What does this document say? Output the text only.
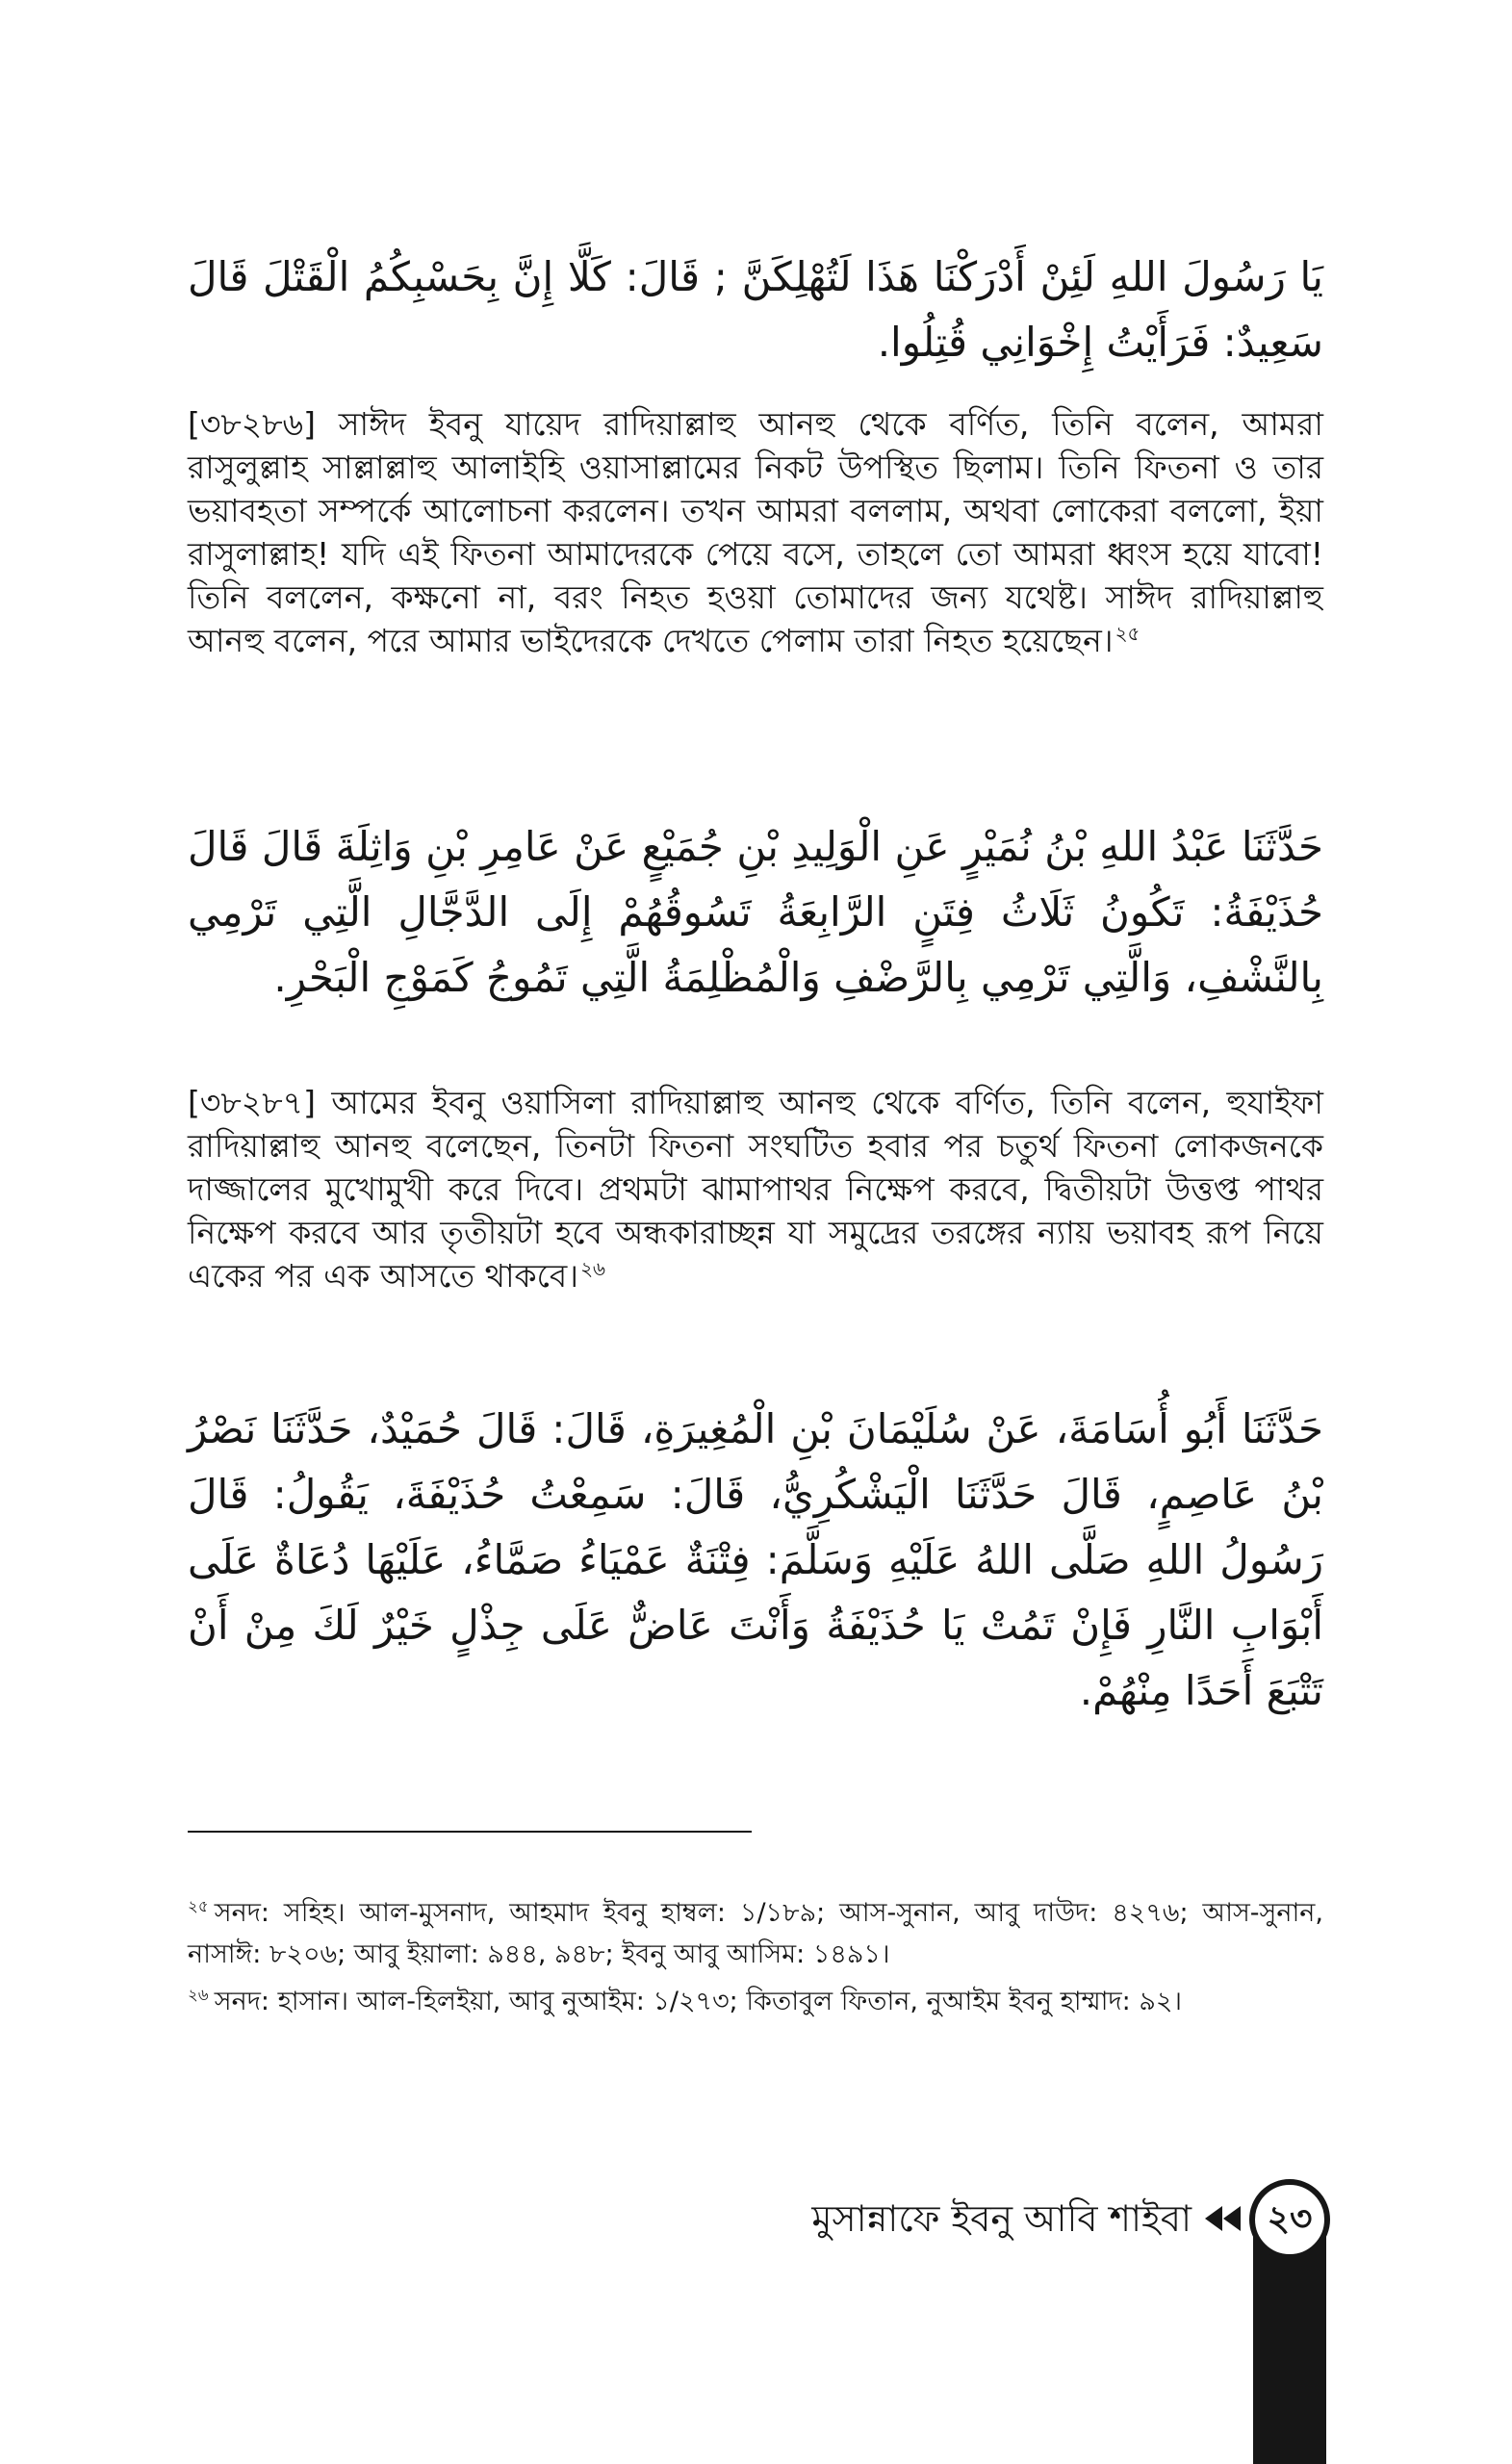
يَا رَسُولَ اللهِ لَئِنْ أَدْرَكْنَا هَذَا لَتُهْلِكَنَّ ; قَالَ: كَلَّا إِنَّ بِحَسْبِكُمُ الْقَتْلَ قَالَ سَعِيدٌ: فَرَأَيْتُ إِخْوَانِي قُتِلُوا.

[৩৮২৮৬] সাঈদ ইবনু যায়েদ রাদিয়াল্লাহু আনহু থেকে বর্ণিত, তিনি বলেন, আমরা রাসুলুল্লাহ সাল্লাল্লাহু আলাইহি ওয়াসাল্লামের নিকট উপস্থিত ছিলাম। তিনি ফিতনা ও তার ভয়াবহতা সম্পর্কে আলোচনা করলেন। তখন আমরা বললাম, অথবা লোকেরা বললো, ইয়া রাসুলাল্লাহ! যদি এই ফিতনা আমাদেরকে পেয়ে বসে, তাহলে তো আমরা ধ্বংস হয়ে যাবো! তিনি বললেন, কক্ষনো না, বরং নিহত হওয়া তোমাদের জন্য যথেষ্ট। সাঈদ রাদিয়াল্লাহু আনহু বলেন, পরে আমার ভাইদেরকে দেখতে পেলাম তারা নিহত হয়েছেন। $^{২৫}$

حَدَّثَنَا عَبْدُ اللهِ بْنُ نُمَيْرٍ عَنِ الْوَلِيدِ بْنِ جُمَيْعٍ عَنْ عَامِرِ بْنِ وَاثِلَةَ قَالَ قَالَ حُذَيْفَةُ: تَكُونُ ثَلَاثُ فِتَنٍ الرَّابِعَةُ تَسُوقُهُمْ إِلَى الدَّجَّالِ الَّتِي تَرْمِي بِالنَّشْفِ، وَالَّتِي تَرْمِي بِالرَّضْفِ وَالْمُظْلِمَةُ الَّتِي تَمُوجُ كَمَوْجِ الْبَحْرِ.

[৩৮২৮৭] আমের ইবনু ওয়াসিলা রাদিয়াল্লাহু আনহু থেকে বর্ণিত, তিনি বলেন, হুযাইফা রাদিয়াল্লাহু আনহু বলেছেন, তিনটা ফিতনা সংঘটিত হবার পর চতুর্থ ফিতনা লোকজনকে দাজ্জালের মুখোমুখী করে দিবে। প্রথমটা ঝামাপাথর নিক্ষেপ করবে, দ্বিতীয়টা উত্তপ্ত পাথর নিক্ষেপ করবে আর তৃতীয়টা হবে অন্ধকারাচ্ছন্ন যা সমুদ্রের তরঙ্গের ন্যায় ভয়াবহ রূপ নিয়ে একের পর এক আসতে থাকবে। $^{২৬}$

حَدَّثَنَا أَبُو أُسَامَةَ، عَنْ سُلَيْمَانَ بْنِ الْمُغِيرَةِ، قَالَ: قَالَ حُمَيْدٌ، حَدَّثَنَا نَصْرُ بْنُ عَاصِمٍ، قَالَ حَدَّثَنَا الْيَشْكُرِيُّ، قَالَ: سَمِعْتُ حُذَيْفَةَ، يَقُولُ: قَالَ رَسُولُ اللهِ صَلَّى اللهُ عَلَيْهِ وَسَلَّمَ: فِتْنَةٌ عَمْيَاءُ صَمَّاءُ، عَلَيْهَا دُعَاةٌ عَلَى أَبْوَابِ النَّارِ فَإِنْ تَمُتْ يَا حُذَيْفَةُ وَأَنْتَ عَاضٌّ عَلَى جِذْلٍ خَيْرٌ لَكَ مِنْ أَنْ تَتْبَعَ أَحَدًا مِنْهُمْ.

$^{২৫}$ সনদ: সহিহ। আল-মুসনাদ, আহমাদ ইবনু হাম্বল: ১/১৮৯; আস-সুনান, আবু দাউদ: ৪২৭৬; আস-সুনান, নাসাঈ: ৮২০৬; আবু ইয়ালা: ৯৪৪, ৯৪৮; ইবনু আবু আসিম: ১৪৯১।

$^{২৬}$ সনদ: হাসান। আল-হিলইয়া, আবু নুআইম: ১/২৭৩; কিতাবুল ফিতান, নুআইম ইবনু হাম্মাদ: ৯২।

মুসান্নাফে ইবনু আবি শাইবা	২৩
